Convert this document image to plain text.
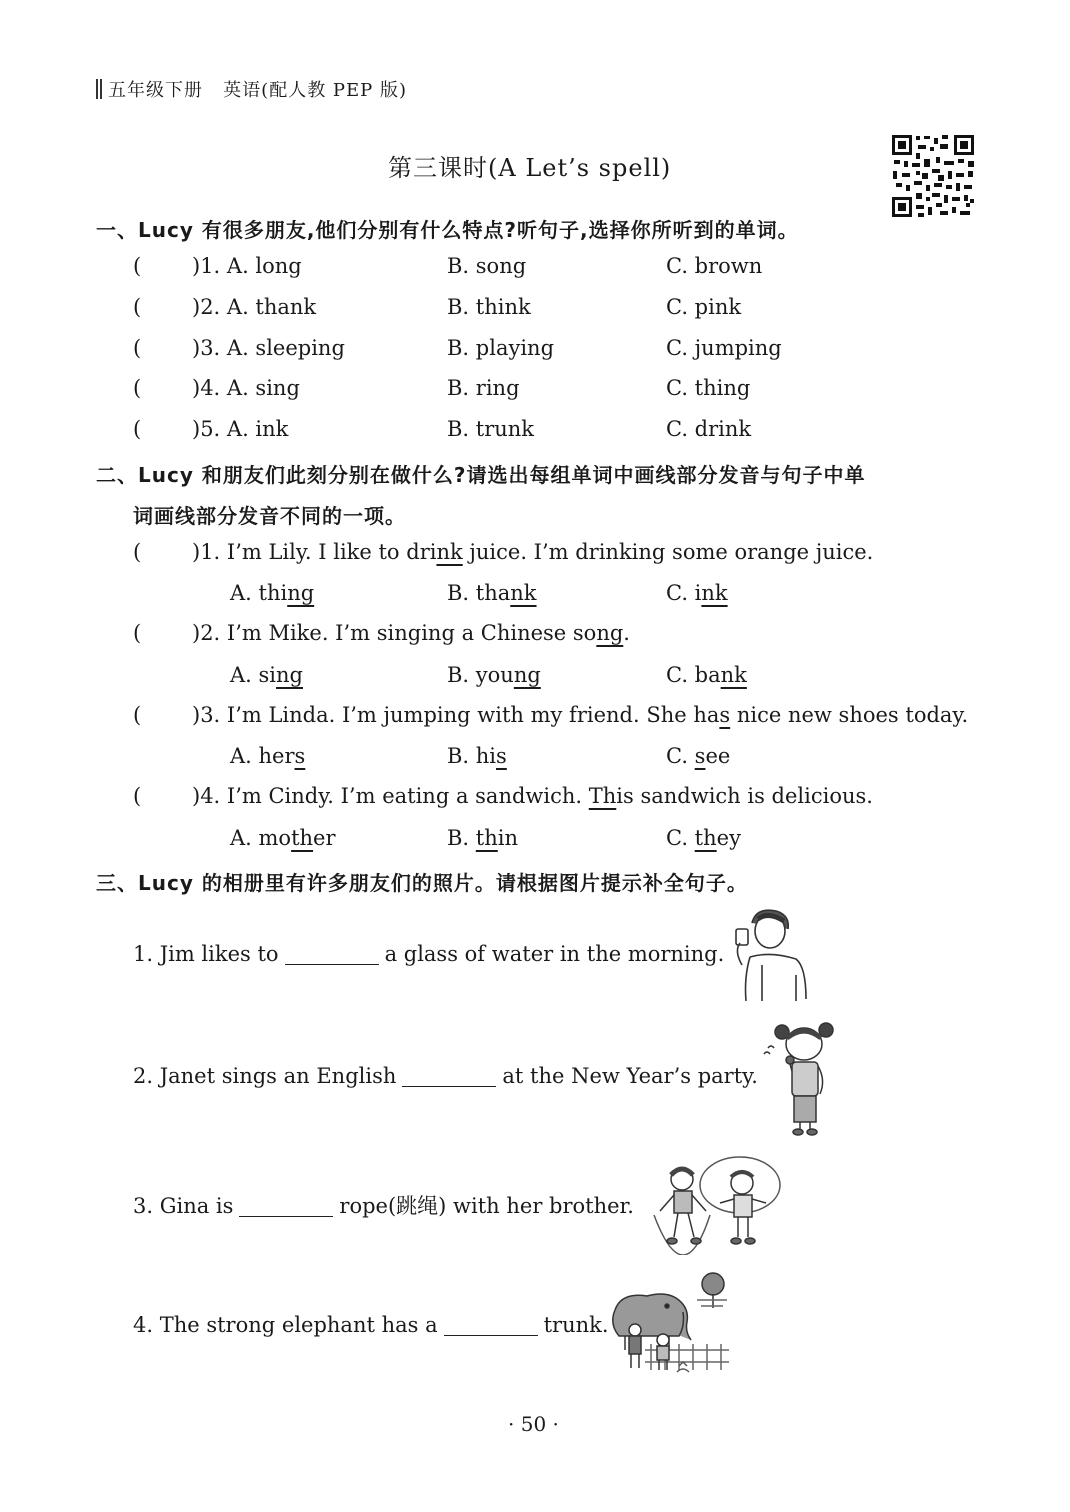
五年级下册 英语(配人教 PEP 版)
第三课时(A Let’s spell)
一、Lucy 有很多朋友,他们分别有什么特点?听句子,选择你所听到的单词。
( )1. A. long	B. song	C. brown
( )2. A. thank	B. think	C. pink
( )3. A. sleeping	B. playing	C. jumping
( )4. A. sing	B. ring	C. thing
( )5. A. ink	B. trunk	C. drink
二、Lucy 和朋友们此刻分别在做什么?请选出每组单词中画线部分发音与句子中单
词画线部分发音不同的一项。
( )1. I’m Lily. I like to drink juice. I’m drinking some orange juice.
A. thing	B. thank	C. ink
( )2. I’m Mike. I’m singing a Chinese song.
A. sing	B. young	C. bank
( )3. I’m Linda. I’m jumping with my friend. She has nice new shoes today.
A. hers	B. his	C. see
( )4. I’m Cindy. I’m eating a sandwich. This sandwich is delicious.
A. mother	B. thin	C. they
三、Lucy 的相册里有许多朋友们的照片。请根据图片提示补全句子。
1. Jim likes to	a glass of water in the morning.
2. Janet sings an English	at the New Year’s party.
3. Gina is	rope(跳绳) with her brother.
4. The strong elephant has a	trunk.
· 50 ·
